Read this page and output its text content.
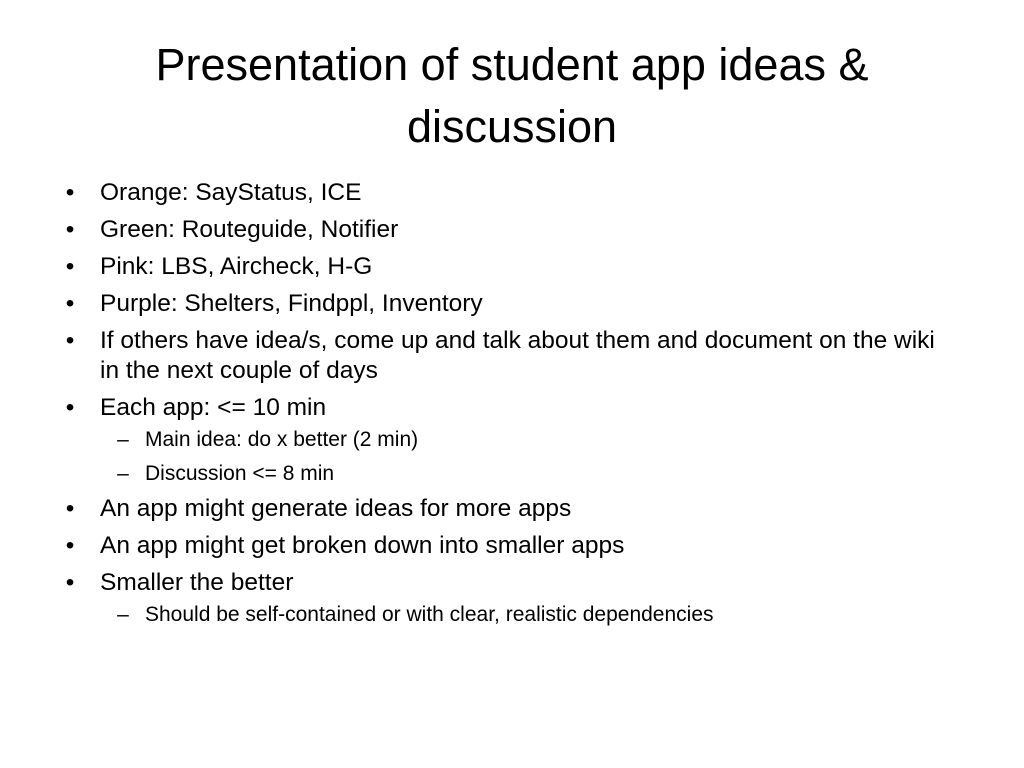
Presentation of student app ideas & discussion
• Orange: SayStatus, ICE
• Green: Routeguide, Notifier
• Pink: LBS, Aircheck, H-G
• Purple: Shelters, Findppl, Inventory
• If others have idea/s, come up and talk about them and document on the wiki in the next couple of days
• Each app: <= 10 min
– Main idea: do x better (2 min)
– Discussion <= 8 min
• An app might generate ideas for more apps
• An app might get broken down into smaller apps
• Smaller the better
– Should be self-contained or with clear, realistic dependencies
